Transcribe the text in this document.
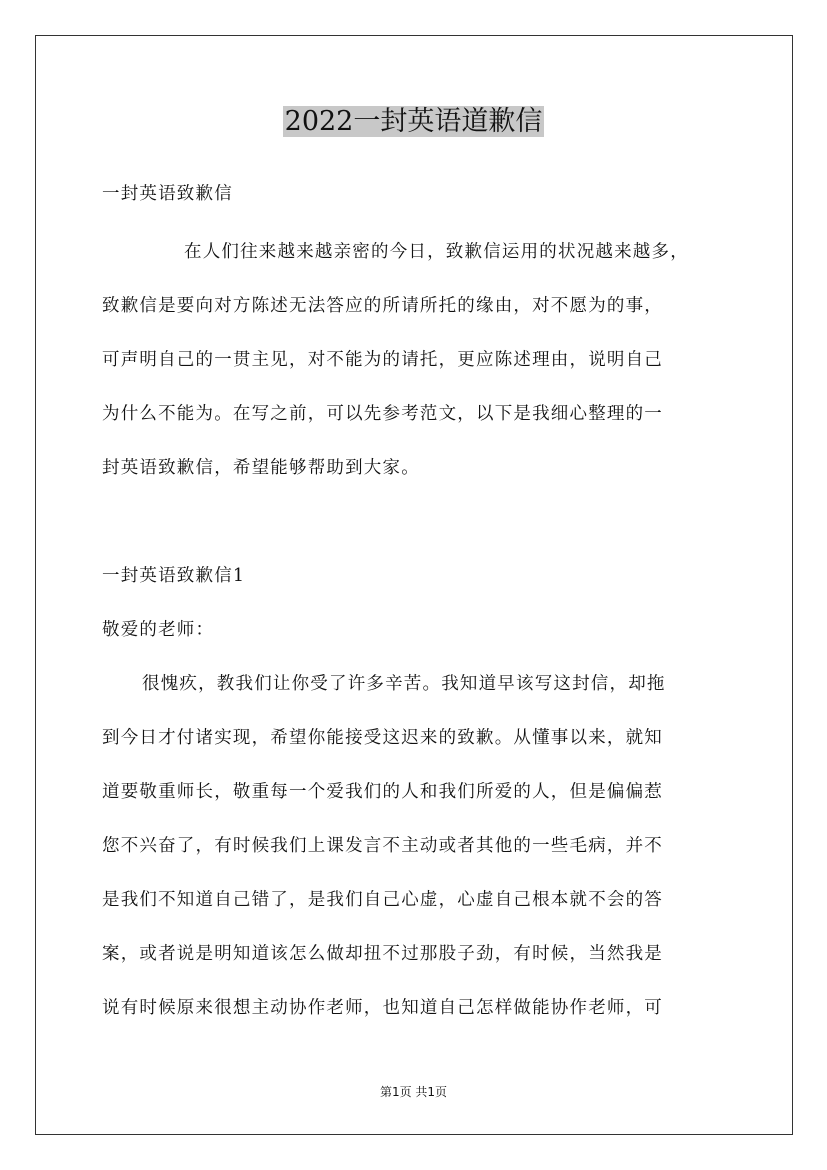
2022一封英语道歉信
一封英语致歉信
在人们往来越来越亲密的今日，致歉信运用的状况越来越多，
致歉信是要向对方陈述无法答应的所请所托的缘由，对不愿为的事，
可声明自己的一贯主见，对不能为的请托，更应陈述理由，说明自己
为什么不能为。在写之前，可以先参考范文，以下是我细心整理的一
封英语致歉信，希望能够帮助到大家。
一封英语致歉信1
敬爱的老师：
很愧疚，教我们让你受了许多辛苦。我知道早该写这封信，却拖
到今日才付诸实现，希望你能接受这迟来的致歉。从懂事以来，就知
道要敬重师长，敬重每一个爱我们的人和我们所爱的人，但是偏偏惹
您不兴奋了，有时候我们上课发言不主动或者其他的一些毛病，并不
是我们不知道自己错了，是我们自己心虚，心虚自己根本就不会的答
案，或者说是明知道该怎么做却扭不过那股子劲，有时候，当然我是
说有时候原来很想主动协作老师，也知道自己怎样做能协作老师，可
第1页 共1页
